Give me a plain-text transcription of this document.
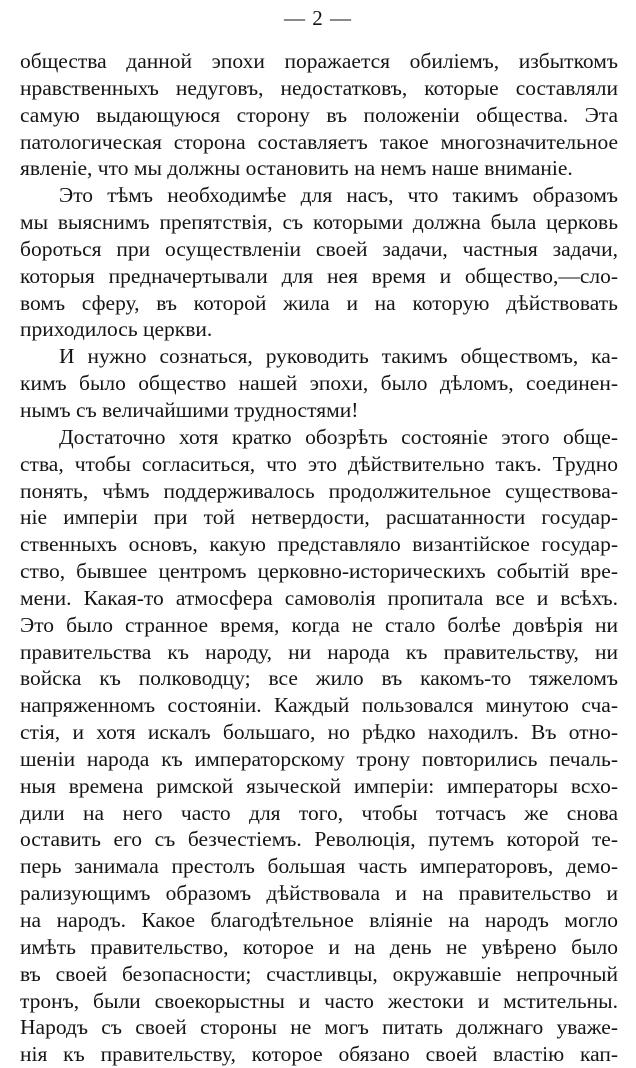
— 2 —
общества данной эпохи поражается обиліемъ, избыткомъ
нравственныхъ недуговъ, недостатковъ, которые составляли
самую выдающуюся сторону въ положеніи общества. Эта
патологическая сторона составляетъ такое многозначительное
явленіе, что мы должны остановить на немъ наше вниманіе.
Это тѣмъ необходимѣе для насъ, что такимъ образомъ
мы выяснимъ препятствія, съ которыми должна была церковь
бороться при осуществленіи своей задачи, частныя задачи,
которыя предначертывали для нея время и общество,—сло-
вомъ сферу, въ которой жила и на которую дѣйствовать
приходилось церкви.
И нужно сознаться, руководить такимъ обществомъ, ка-
кимъ было общество нашей эпохи, было дѣломъ, соединен-
нымъ съ величайшими трудностями!
Достаточно хотя кратко обозрѣть состояніе этого обще-
ства, чтобы согласиться, что это дѣйствительно такъ. Трудно
понять, чѣмъ поддерживалось продолжительное существова-
ніе имперіи при той нетвердости, расшатанности государ-
ственныхъ основъ, какую представляло византійское государ-
ство, бывшее центромъ церковно-историческихъ событій вре-
мени. Какая-то атмосфера самоволія пропитала все и всѣхъ.
Это было странное время, когда не стало болѣе довѣрія ни
правительства къ народу, ни народа къ правительству, ни
войска къ полководцу; все жило въ какомъ-то тяжеломъ
напряженномъ состояніи. Каждый пользовался минутою сча-
стія, и хотя искалъ большаго, но рѣдко находилъ. Въ отно-
шеніи народа къ императорскому трону повторились печаль-
ныя времена римской языческой имперіи: императоры всхо-
дили на него часто для того, чтобы тотчасъ же снова
оставить его съ безчестіемъ. Революція, путемъ которой те-
перь занимала престолъ большая часть императоровъ, демо-
рализующимъ образомъ дѣйствовала и на правительство и
на народъ. Какое благодѣтельное вліяніе на народъ могло
имѣть правительство, которое и на день не увѣрено было
въ своей безопасности; счастливцы, окружавшіе непрочный
тронъ, были своекорыстны и часто жестоки и мстительны.
Народъ съ своей стороны не могъ питать должнаго уваже-
нія къ правительству, которое обязано своей властію кап-
